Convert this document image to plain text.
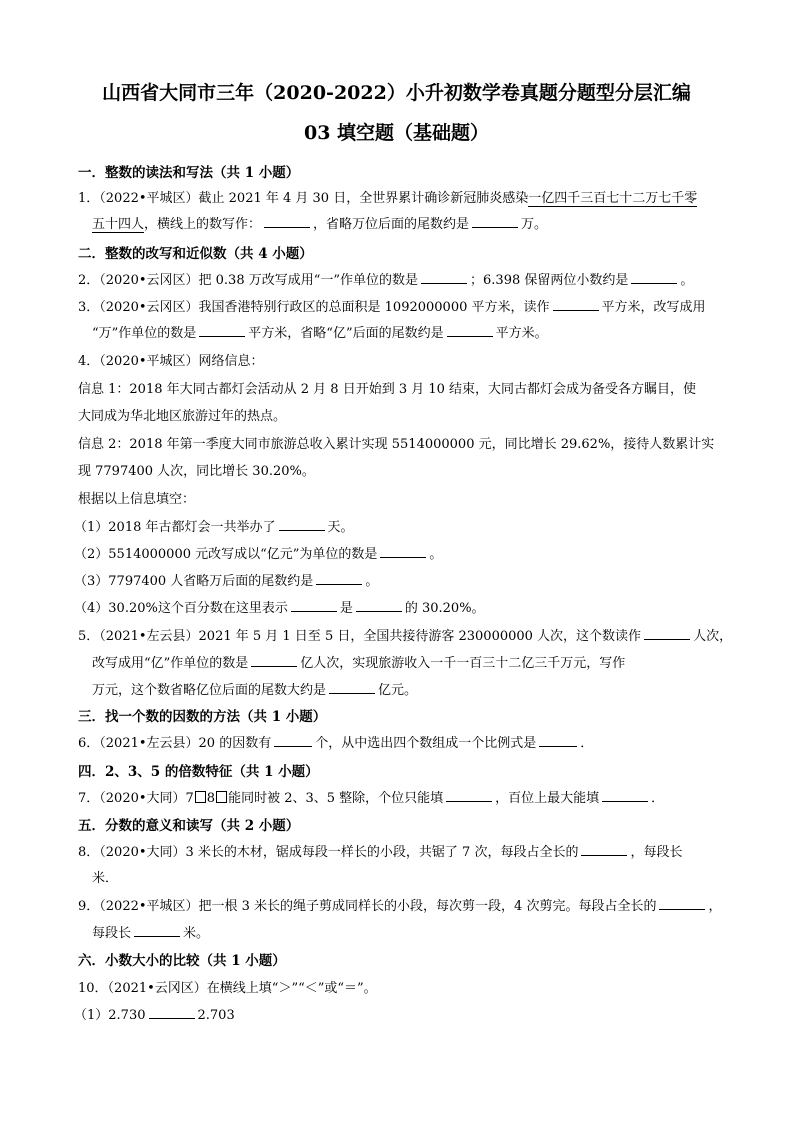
山西省大同市三年（2020-2022）小升初数学卷真题分题型分层汇编
03 填空题（基础题）
一．整数的读法和写法（共 1 小题）
1．（2022•平城区）截止 2021 年 4 月 30 日，全世界累计确诊新冠肺炎感染一亿四千三百七十二万七千零
五十四人，横线上的数写作：	，省略万位后面的尾数约是	万。
二．整数的改写和近似数（共 4 小题）
2．（2020•云冈区）把 0.38 万改写成用“一”作单位的数是	；6.398 保留两位小数约是	。
3．（2020•云冈区）我国香港特别行政区的总面积是 1092000000 平方米，读作	平方米，改写成用
“万”作单位的数是	平方米，省略“亿”后面的尾数约是	平方米。
4．（2020•平城区）网络信息：
信息 1：2018 年大同古都灯会活动从 2 月 8 日开始到 3 月 10 结束，大同古都灯会成为备受各方瞩目，使
大同成为华北地区旅游过年的热点。
信息 2：2018 年第一季度大同市旅游总收入累计实现 5514000000 元，同比增长 29.62%，接待人数累计实
现 7797400 人次，同比增长 30.20%。
根据以上信息填空：
（1）2018 年古都灯会一共举办了	天。
（2）5514000000 元改写成以“亿元”为单位的数是	。
（3）7797400 人省略万后面的尾数约是	。
（4）30.20%这个百分数在这里表示	是	的 30.20%。
5．（2021•左云县）2021 年 5 月 1 日至 5 日，全国共接待游客 230000000 人次，这个数读作	人次，
改写成用“亿”作单位的数是	亿人次，实现旅游收入一千一百三十二亿三千万元，写作
万元，这个数省略亿位后面的尾数大约是	亿元。
三．找一个数的因数的方法（共 1 小题）
6．（2021•左云县）20 的因数有	个，从中选出四个数组成一个比例式是	．
四．2、3、5 的倍数特征（共 1 小题）
7．（2020•大同）7 8 能同时被 2、3、5 整除，个位只能填	，百位上最大能填	．
五．分数的意义和读写（共 2 小题）
8．（2020•大同）3 米长的木材，锯成每段一样长的小段，共锯了 7 次，每段占全长的	，每段长
米．
9．（2022•平城区）把一根 3 米长的绳子剪成同样长的小段，每次剪一段，4 次剪完。每段占全长的	，
每段长	米。
六．小数大小的比较（共 1 小题）
10．（2021•云冈区）在横线上填“＞”“＜”或“＝”。
（1）2.730	2.703
